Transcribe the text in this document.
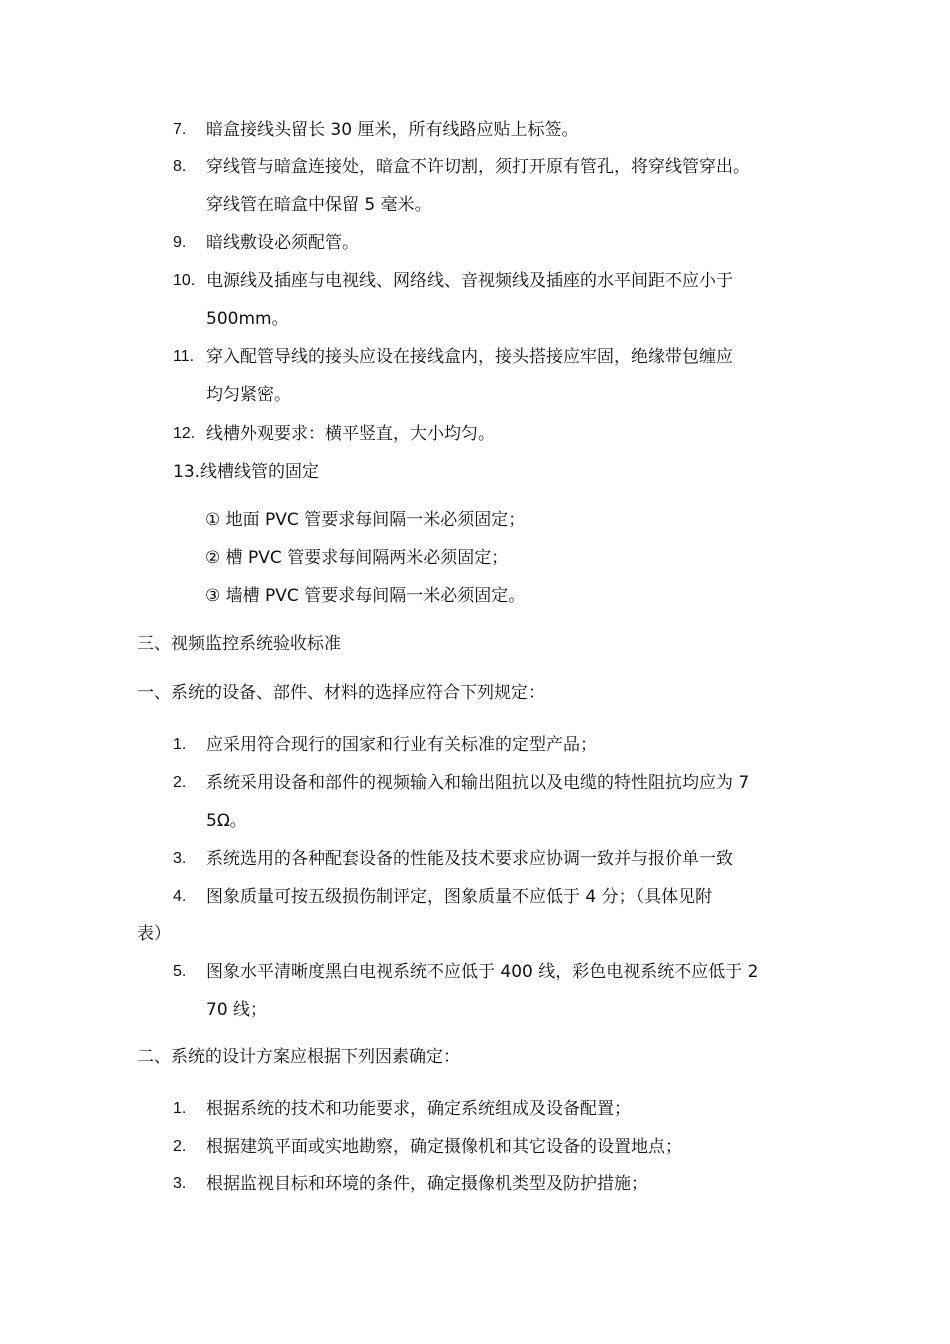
7. 暗盒接线头留长 30 厘米，所有线路应贴上标签。
8. 穿线管与暗盒连接处，暗盒不许切割，须打开原有管孔，将穿线管穿出。
穿线管在暗盒中保留 5 毫米。
9. 暗线敷设必须配管。
10. 电源线及插座与电视线、网络线、音视频线及插座的水平间距不应小于
500mm。
11. 穿入配管导线的接头应设在接线盒内，接头搭接应牢固，绝缘带包缠应
均匀紧密。
12. 线槽外观要求：横平竖直，大小均匀。
13.线槽线管的固定
① 地面 PVC 管要求每间隔一米必须固定；
② 槽 PVC 管要求每间隔两米必须固定；
③ 墙槽 PVC 管要求每间隔一米必须固定。
三、视频监控系统验收标准
一、系统的设备、部件、材料的选择应符合下列规定：
1. 应采用符合现行的国家和行业有关标准的定型产品；
2. 系统采用设备和部件的视频输入和输出阻抗以及电缆的特性阻抗均应为 7
5Ω。
3. 系统选用的各种配套设备的性能及技术要求应协调一致并与报价单一致
4. 图象质量可按五级损伤制评定，图象质量不应低于 4 分；（具体见附
表）
5. 图象水平清晰度黑白电视系统不应低于 400 线，彩色电视系统不应低于 2
70 线；
二、系统的设计方案应根据下列因素确定：
1. 根据系统的技术和功能要求，确定系统组成及设备配置；
2. 根据建筑平面或实地勘察，确定摄像机和其它设备的设置地点；
3. 根据监视目标和环境的条件，确定摄像机类型及防护措施；
